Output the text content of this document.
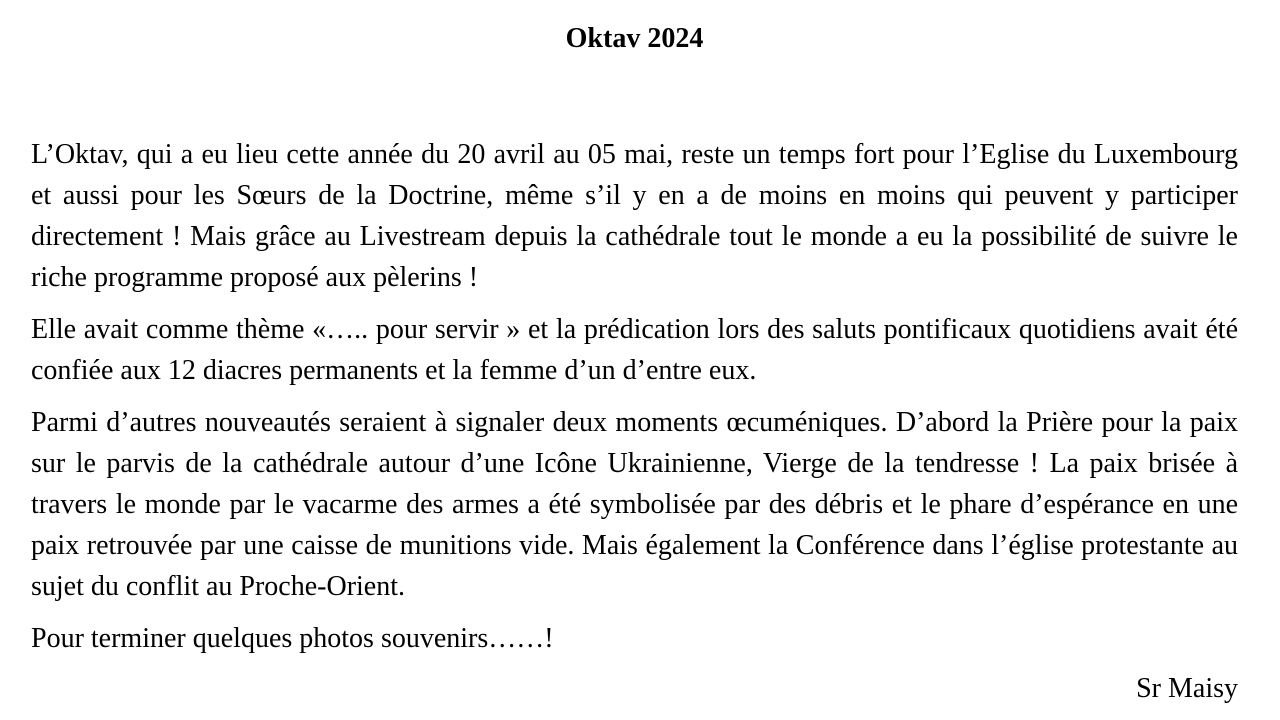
Oktav 2024

L’Oktav, qui a eu lieu cette année du 20 avril au 05 mai, reste un temps fort pour l’Eglise du Luxembourg et aussi pour les Sœurs de la Doctrine, même s’il y en a de moins en moins qui peuvent y participer directement ! Mais grâce au Livestream depuis la cathédrale tout le monde a eu la possibilité de suivre le riche programme proposé aux pèlerins !

Elle avait comme thème «….. pour servir » et la prédication lors des saluts pontificaux quotidiens avait été confiée aux 12 diacres permanents et la femme d’un d’entre eux.

Parmi d’autres nouveautés seraient à signaler deux moments œcuméniques. D’abord la Prière pour la paix sur le parvis de la cathédrale autour d’une Icône Ukrainienne, Vierge de la tendresse ! La paix brisée à travers le monde par le vacarme des armes a été symbolisée par des débris et le phare d’espérance en une paix retrouvée par une caisse de munitions vide. Mais également la Conférence dans l’église protestante au sujet du conflit au Proche-Orient.

Pour terminer quelques photos souvenirs……!

Sr Maisy
